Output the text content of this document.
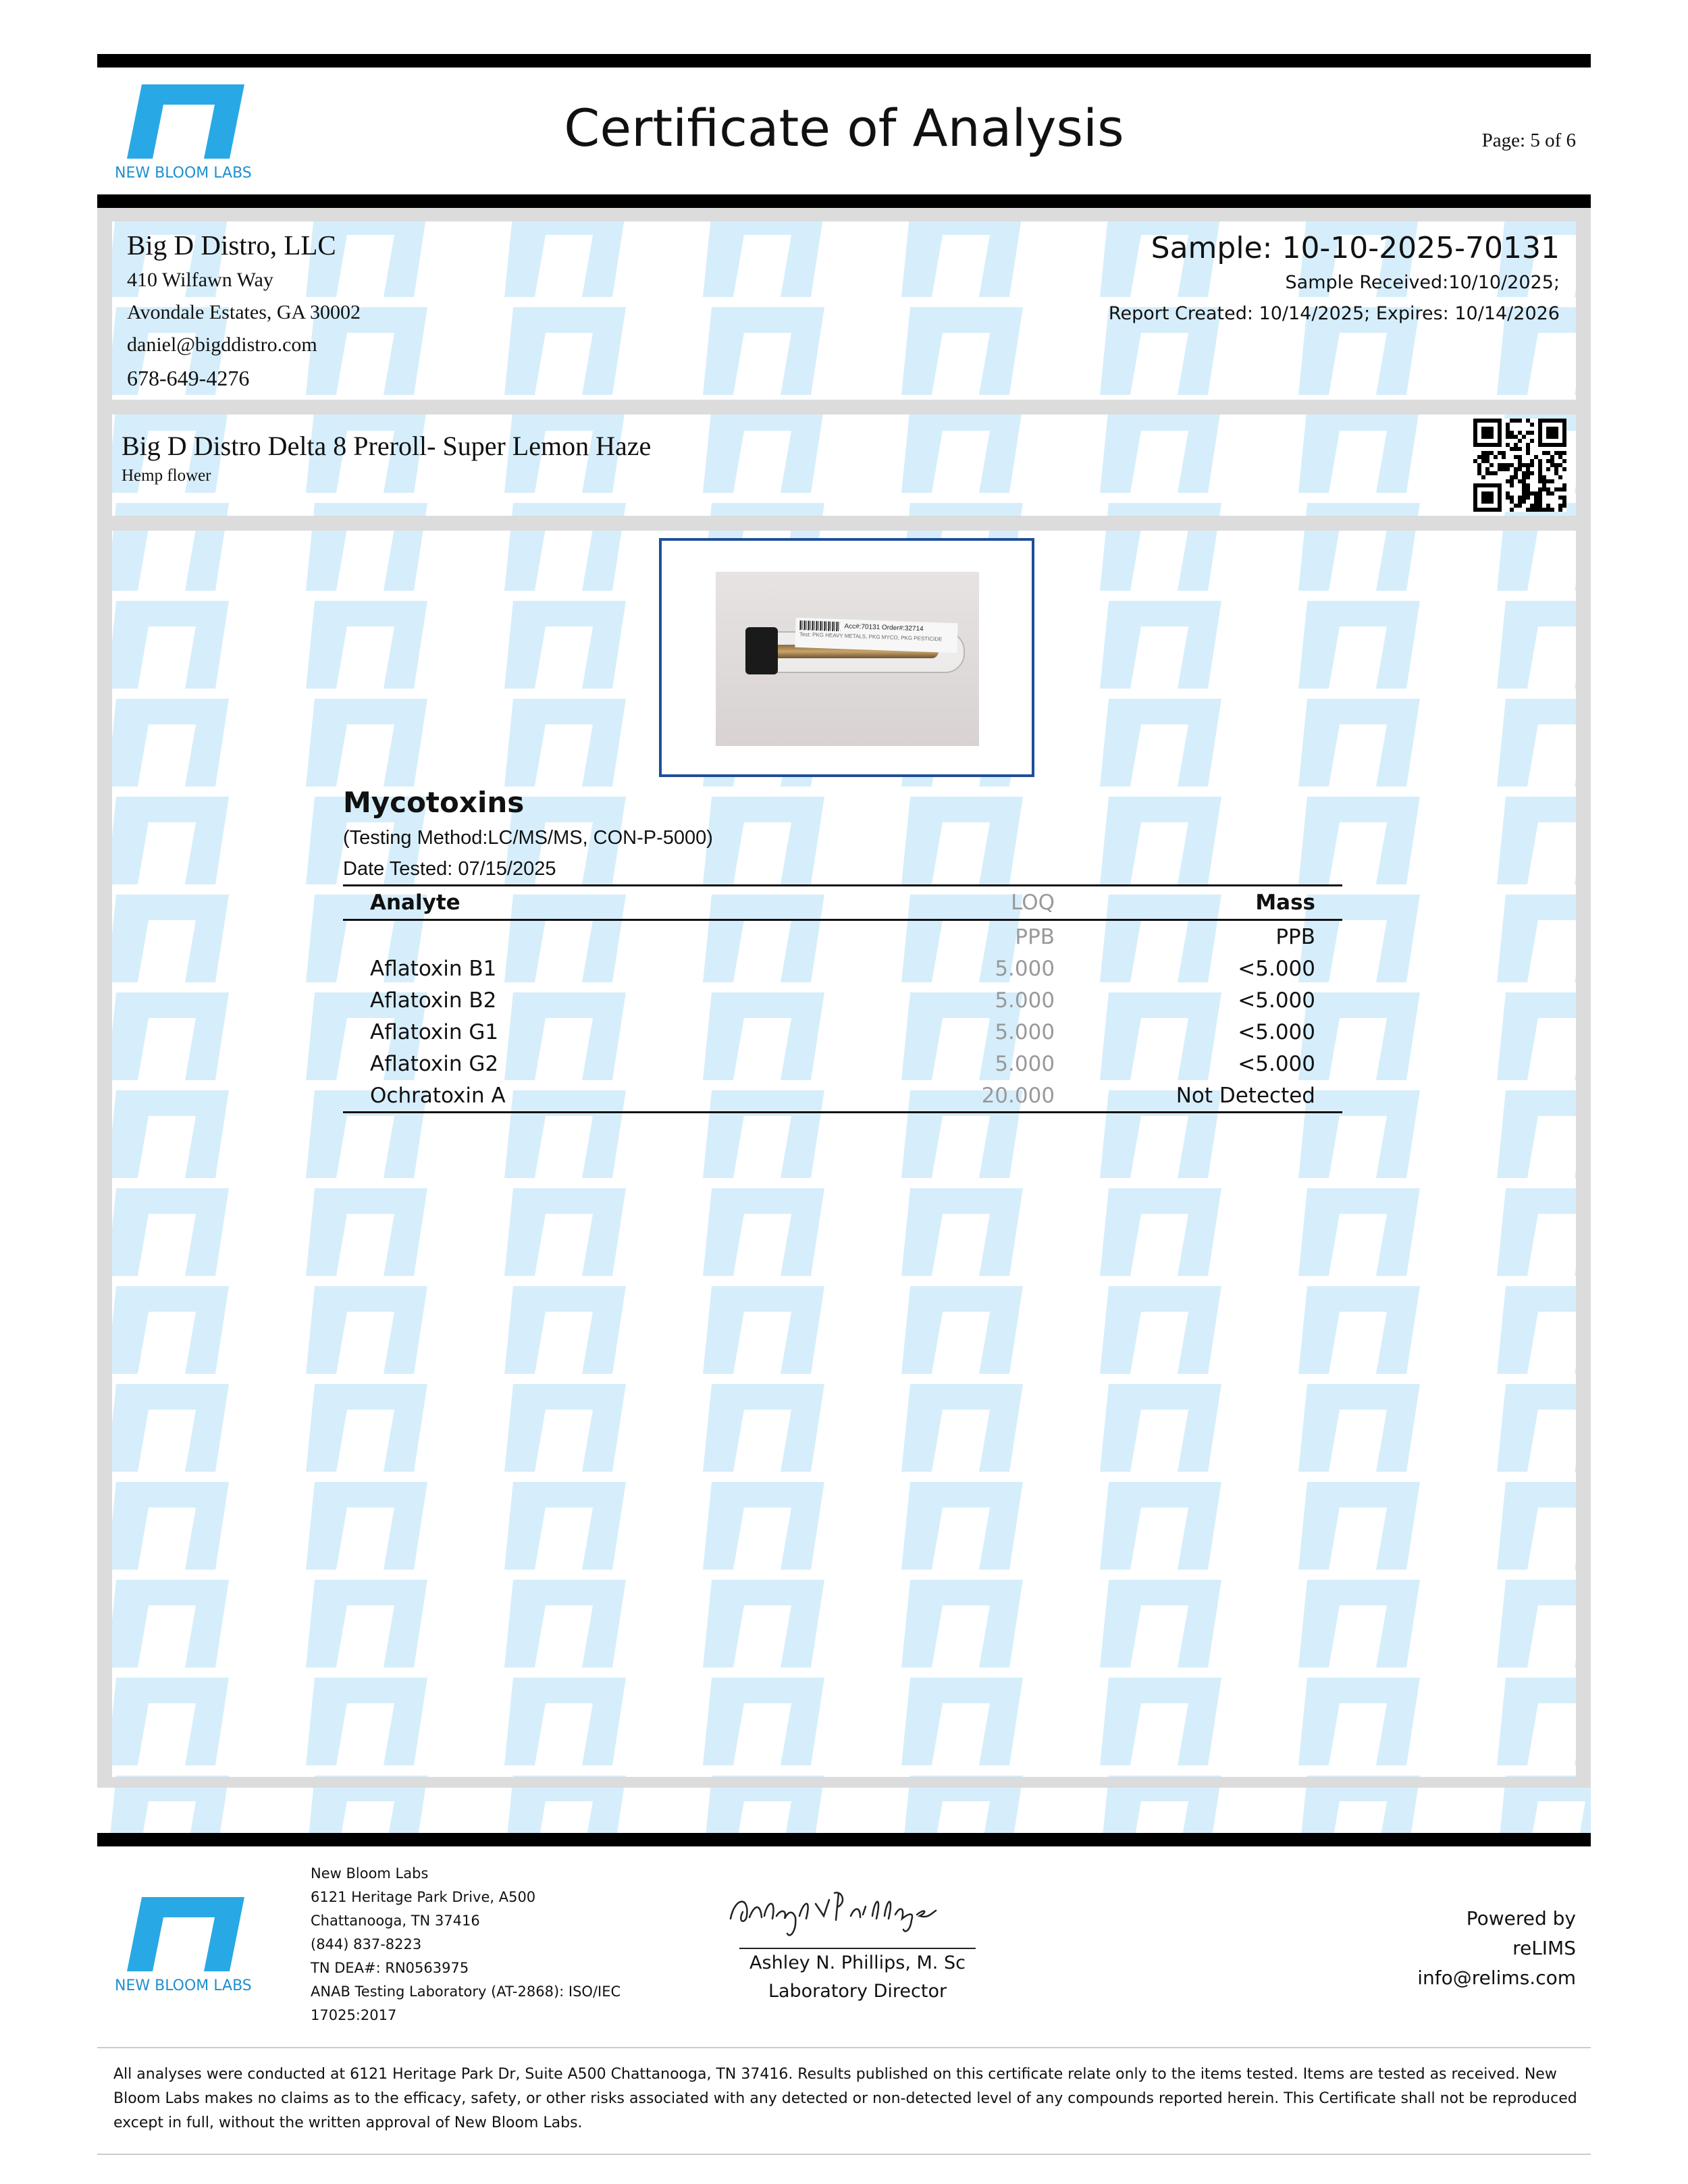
NEW BLOOM LABS
Certificate of Analysis	Page: 5 of 6
Big D Distro, LLC
410 Wilfawn Way
Avondale Estates, GA 30002
daniel@bigddistro.com
678-649-4276
Sample: 10-10-2025-70131
Sample Received:10/10/2025;
Report Created: 10/14/2025; Expires: 10/14/2026
Big D Distro Delta 8 Preroll- Super Lemon Haze
Hemp flower
Acc#:70131 Order#:32714
Test: PKG HEAVY METALS, PKG MYCO, PKG PESTICIDE
Mycotoxins
(Testing Method:LC/MS/MS, CON-P-5000)
Date Tested: 07/15/2025
Analyte	LOQ	Mass
	PPB	PPB
Aflatoxin B1	5.000	<5.000
Aflatoxin B2	5.000	<5.000
Aflatoxin G1	5.000	<5.000
Aflatoxin G2	5.000	<5.000
Ochratoxin A	20.000	Not Detected
NEW BLOOM LABS
New Bloom Labs
6121 Heritage Park Drive, A500
Chattanooga, TN 37416
(844) 837-8223
TN DEA#: RN0563975
ANAB Testing Laboratory (AT-2868): ISO/IEC
17025:2017
Ashley N. Phillips, M. Sc
Laboratory Director
Powered by
reLIMS
info@relims.com
All analyses were conducted at 6121 Heritage Park Dr, Suite A500 Chattanooga, TN 37416. Results published on this certificate relate only to the items tested. Items are tested as received. New Bloom Labs makes no claims as to the efficacy, safety, or other risks associated with any detected or non-detected level of any compounds reported herein. This Certificate shall not be reproduced except in full, without the written approval of New Bloom Labs.
